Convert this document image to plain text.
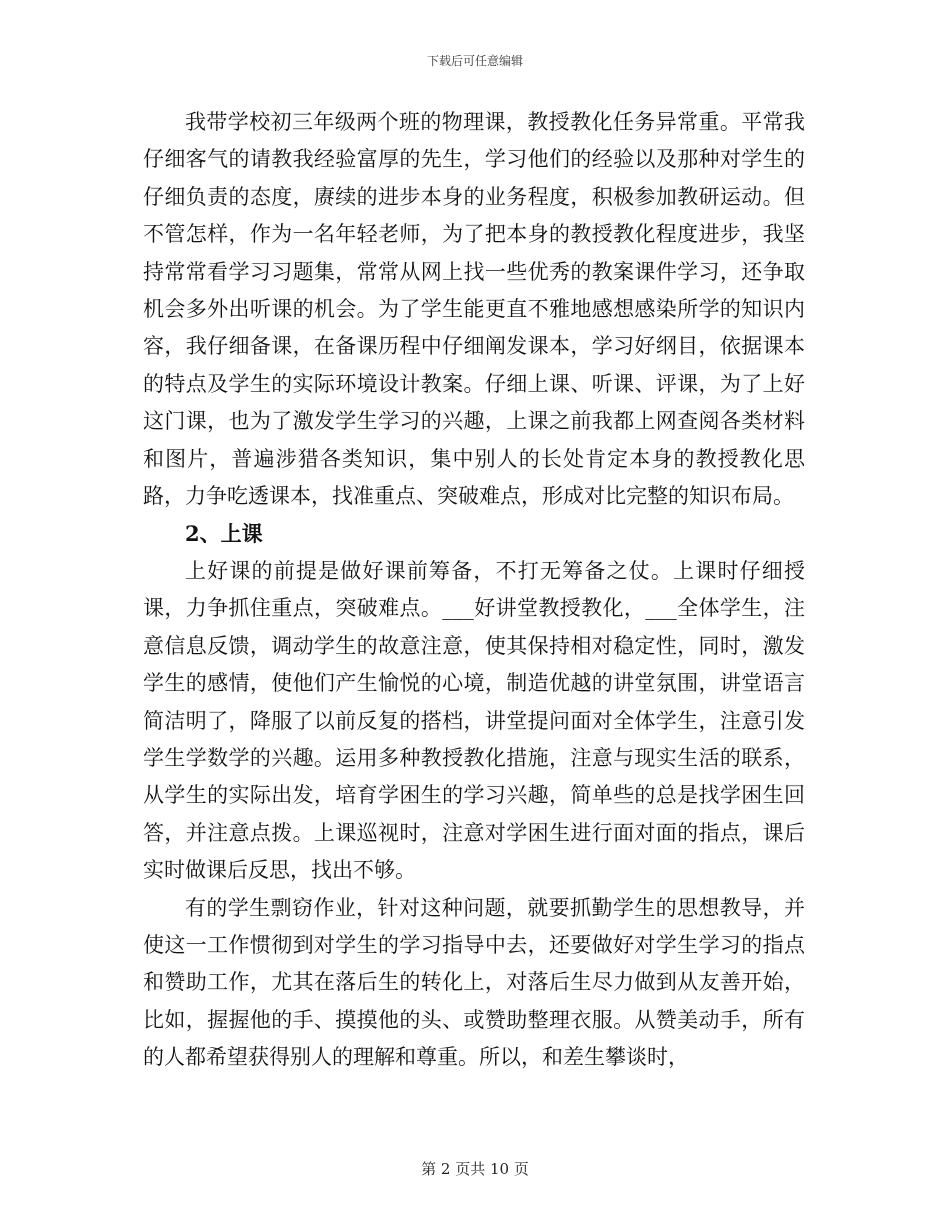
下载后可任意编辑

我带学校初三年级两个班的物理课，教授教化任务异常重。平常我仔细客气的请教我经验富厚的先生，学习他们的经验以及那种对学生的仔细负责的态度，赓续的进步本身的业务程度，积极参加教研运动。但不管怎样，作为一名年轻老师，为了把本身的教授教化程度进步，我坚持常常看学习习题集，常常从网上找一些优秀的教案课件学习，还争取机会多外出听课的机会。为了学生能更直不雅地感想感染所学的知识内容，我仔细备课，在备课历程中仔细阐发课本，学习好纲目，依据课本的特点及学生的实际环境设计教案。仔细上课、听课、评课，为了上好这门课，也为了激发学生学习的兴趣，上课之前我都上网查阅各类材料和图片，普遍涉猎各类知识，集中别人的长处肯定本身的教授教化思路，力争吃透课本，找准重点、突破难点，形成对比完整的知识布局。

2、上课

上好课的前提是做好课前筹备，不打无筹备之仗。上课时仔细授课，力争抓住重点，突破难点。___好讲堂教授教化，___全体学生，注意信息反馈，调动学生的故意注意，使其保持相对稳定性，同时，激发学生的感情，使他们产生愉悦的心境，制造优越的讲堂氛围，讲堂语言简洁明了，降服了以前反复的搭档，讲堂提问面对全体学生，注意引发学生学数学的兴趣。运用多种教授教化措施，注意与现实生活的联系，从学生的实际出发，培育学困生的学习兴趣，简单些的总是找学困生回答，并注意点拨。上课巡视时，注意对学困生进行面对面的指点，课后实时做课后反思，找出不够。

有的学生剽窃作业，针对这种问题，就要抓勤学生的思想教导，并使这一工作惯彻到对学生的学习指导中去，还要做好对学生学习的指点和赞助工作，尤其在落后生的转化上，对落后生尽力做到从友善开始，比如，握握他的手、摸摸他的头、或赞助整理衣服。从赞美动手，所有的人都希望获得别人的理解和尊重。所以，和差生攀谈时，

第 2 页共 10 页
